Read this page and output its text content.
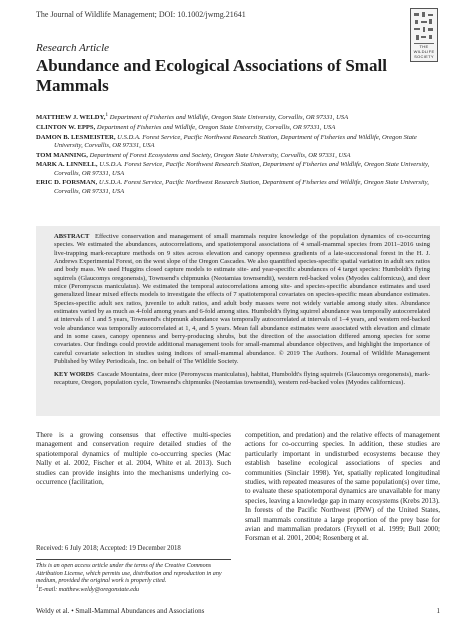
The Journal of Wildlife Management; DOI: 10.1002/jwmg.21641
THE WILDLIFE SOCIETY
Research Article
Abundance and Ecological Associations of Small Mammals
MATTHEW J. WELDY,$^1$ Department of Fisheries and Wildlife, Oregon State University, Corvallis, OR 97331, USA
CLINTON W. EPPS, Department of Fisheries and Wildlife, Oregon State University, Corvallis, OR 97331, USA
DAMON B. LESMEISTER, U.S.D.A. Forest Service, Pacific Northwest Research Station, Department of Fisheries and Wildlife, Oregon State University, Corvallis, OR 97331, USA
TOM MANNING, Department of Forest Ecosystems and Society, Oregon State University, Corvallis, OR 97331, USA
MARK A. LINNELL, U.S.D.A. Forest Service, Pacific Northwest Research Station, Department of Fisheries and Wildlife, Oregon State University, Corvallis, OR 97331, USA
ERIC D. FORSMAN, U.S.D.A. Forest Service, Pacific Northwest Research Station, Department of Fisheries and Wildlife, Oregon State University, Corvallis, OR 97331, USA
ABSTRACT Effective conservation and management of small mammals require knowledge of the population dynamics of co-occurring species. We estimated the abundances, autocorrelations, and spatiotemporal associations of 4 small-mammal species from 2011–2016 using live-trapping mark-recapture methods on 9 sites across elevation and canopy openness gradients of a late-successional forest in the H. J. Andrews Experimental Forest, on the west slope of the Oregon Cascades. We also quantified species-specific spatial variation in adult sex ratios and body mass. We used Huggins closed capture models to estimate site- and year-specific abundances of 4 target species: Humboldt's flying squirrels (Glaucomys oregonensis), Townsend's chipmunks (Neotamias townsendii), western red-backed voles (Myodes californicus), and deer mice (Peromyscus maniculatus). We estimated the temporal autocorrelations among site- and species-specific abundance estimates and used generalized linear mixed effects models to investigate the effects of 7 spatiotemporal covariates on species-specific mean abundance estimates. Species-specific adult sex ratios, juvenile to adult ratios, and adult body masses were not widely variable among study sites. Abundance estimates varied by as much as 4-fold among years and 6-fold among sites. Humboldt's flying squirrel abundance was temporally autocorrelated at intervals of 1 and 5 years, Townsend's chipmunk abundance was temporally autocorrelated at intervals of 1–4 years, and western red-backed vole abundance was temporally autocorrelated at 1, 4, and 5 years. Mean fall abundance estimates were associated with elevation and climate and in some cases, canopy openness and berry-producing shrubs, but the direction of the association differed among species for some covariates. Our findings could provide additional management tools for small-mammal abundance objectives, and highlight the importance of careful covariate selection in studies using indices of small-mammal abundance. © 2019 The Authors. Journal of Wildlife Management Published by Wiley Periodicals, Inc. on behalf of The Wildlife Society.
KEY WORDS Cascade Mountains, deer mice (Peromyscus maniculatus), habitat, Humboldt's flying squirrels (Glaucomys oregonensis), mark-recapture, Oregon, population cycle, Townsend's chipmunks (Neotamias townsendii), western red-backed voles (Myodes californicus).
There is a growing consensus that effective multi-species management and conservation require detailed studies of the spatiotemporal dynamics of multiple co-occurring species (Mac Nally et al. 2002, Fischer et al. 2004, White et al. 2013). Such studies can provide insights into the mechanisms underlying co-occurrence (facilitation,
competition, and predation) and the relative effects of management actions for co-occurring species. In addition, these studies are particularly important in undisturbed ecosystems because they establish baseline ecological associations of species and communities (Sinclair 1998). Yet, spatially replicated longitudinal studies, with repeated measures of the same population(s) over time, to evaluate these spatiotemporal dynamics are unavailable for many species, leaving a knowledge gap in many ecosystems (Krebs 2013).
In forests of the Pacific Northwest (PNW) of the United States, small mammals constitute a large proportion of the prey base for avian and mammalian predators (Fryxell et al. 1999; Bull 2000; Forsman et al. 2001, 2004; Rosenberg et al.
Received: 6 July 2018; Accepted: 19 December 2018
This is an open access article under the terms of the Creative Commons Attribution License, which permits use, distribution and reproduction in any medium, provided the original work is properly cited.
$^1$E-mail: matthew.weldy@oregonstate.edu
Weldy et al. • Small-Mammal Abundances and Associations	1
